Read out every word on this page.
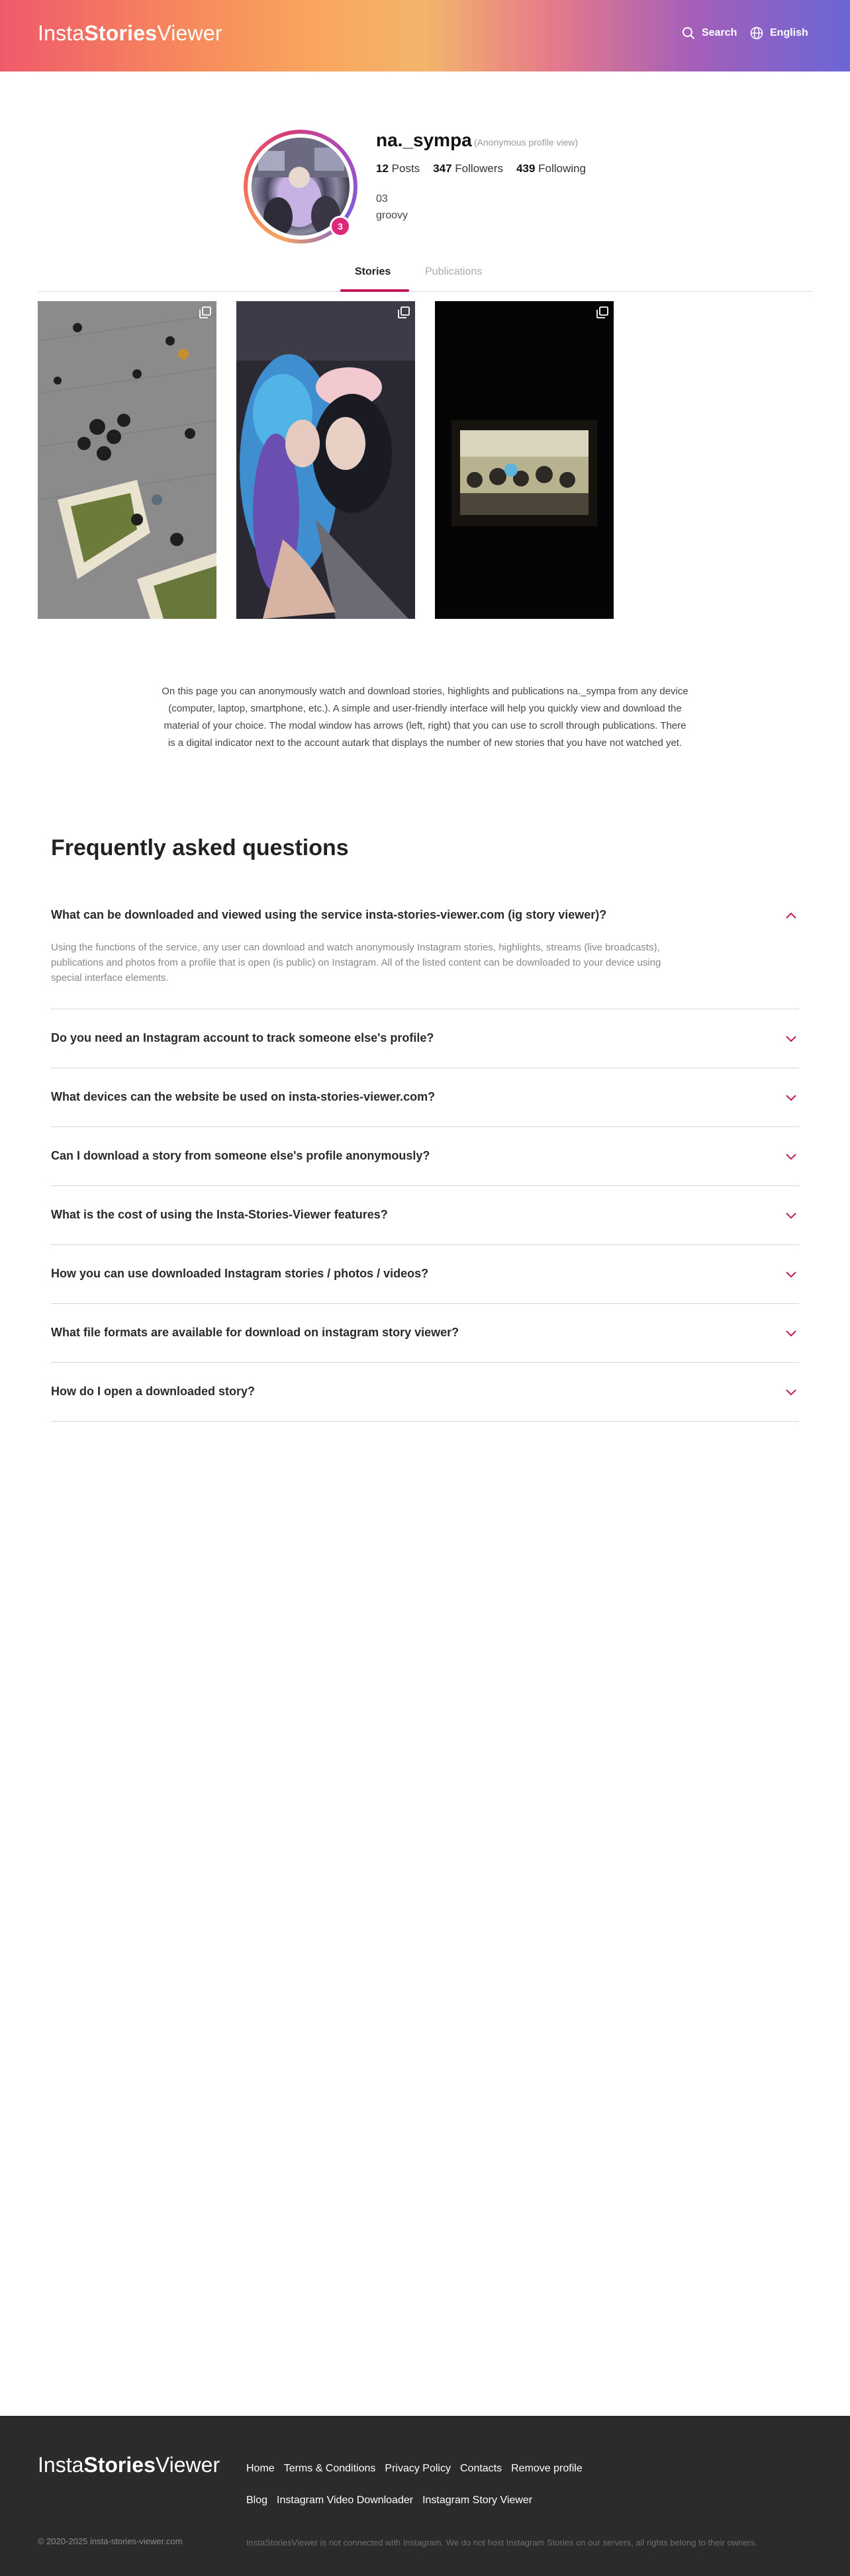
InstaStoriesViewer	Search	English
3
na._sympa (Anonymous profile view)
12 Posts 347 Followers 439 Following
03
groovy
Stories	Publications

On this page you can anonymously watch and download stories, highlights and publications na._sympa from any device (computer, laptop, smartphone, etc.). A simple and user-friendly interface will help you quickly view and download the material of your choice. The modal window has arrows (left, right) that you can use to scroll through publications. There is a digital indicator next to the account autark that displays the number of new stories that you have not watched yet.

Frequently asked questions
What can be downloaded and viewed using the service insta-stories-viewer.com (ig story viewer)?
Using the functions of the service, any user can download and watch anonymously Instagram stories, highlights, streams (live broadcasts), publications and photos from a profile that is open (is public) on Instagram. All of the listed content can be downloaded to your device using special interface elements.
Do you need an Instagram account to track someone else's profile?
What devices can the website be used on insta-stories-viewer.com?
Can I download a story from someone else's profile anonymously?
What is the cost of using the Insta-Stories-Viewer features?
How you can use downloaded Instagram stories / photos / videos?
What file formats are available for download on instagram story viewer?
How do I open a downloaded story?
InstaStoriesViewer Home Terms & Conditions Privacy Policy Contacts Remove profile
Blog Instagram Video Downloader Instagram Story Viewer
© 2020-2025 insta-stories-viewer.com	InstaStoriesViewer is not connected with Instagram. We do not host Instagram Stories on our servers, all rights belong to their owners.
